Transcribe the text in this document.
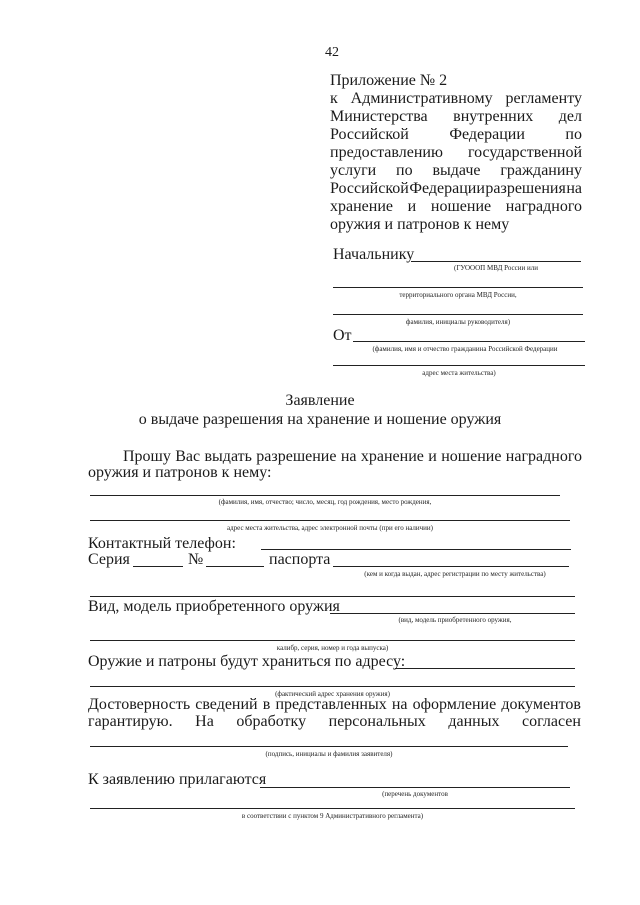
42
Приложение № 2
к Административному регламенту
Министерства внутренних дел
Российской	Федерации	по
предоставлению государственной
услуги по выдаче гражданину
Российской Федерации разрешения на
хранение и ношение наградного
оружия и патронов к нему
Начальнику
(ГУОООП МВД России или
территориального органа МВД России,
фамилия, инициалы руководителя)
От
(фамилия, имя и отчество гражданина Российской Федерации
адрес места жительства)
Заявление
о выдаче разрешения на хранение и ношение оружия
Прошу Вас выдать разрешение на хранение и ношение наградного
оружия и патронов к нему:
(фамилия, имя, отчество; число, месяц, год рождения, место рождения,
адрес места жительства, адрес электронной почты (при его наличии)
Контактный телефон:
Серия	№	паспорта
(кем и когда выдан, адрес регистрации по месту жительства)
Вид, модель приобретенного оружия
(вид, модель приобретенного оружия,
калибр, серия, номер и года выпуска)
Оружие и патроны будут храниться по адресу:
(фактический адрес хранения оружия)
Достоверность сведений в представленных на оформление документов
гарантирую. На обработку персональных данных согласен
(подпись, инициалы и фамилия заявителя)
К заявлению прилагаются
(перечень документов
в соответствии с пунктом 9 Административного регламента)
